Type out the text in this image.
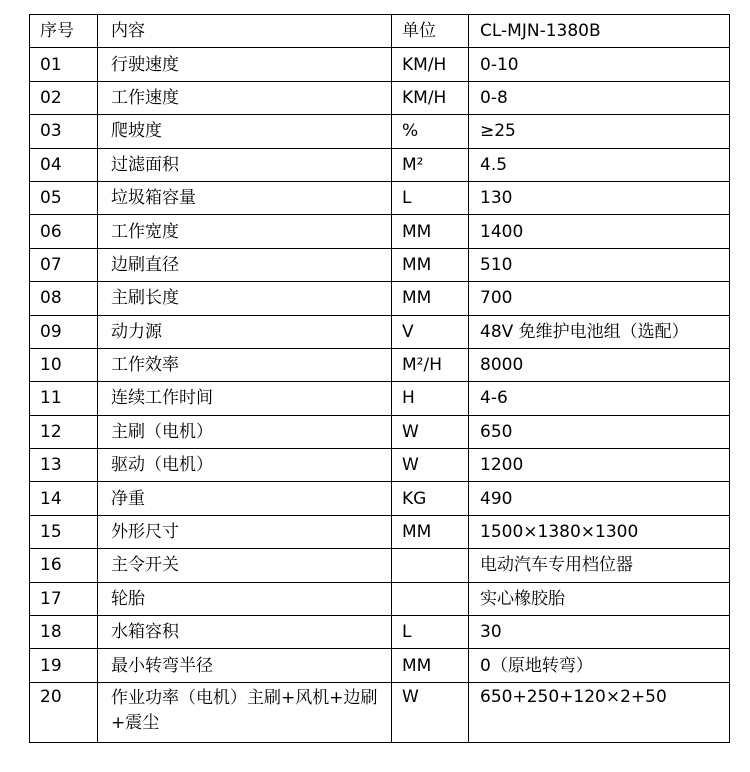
序号	内容	单位	CL-MJN-1380B
01	行驶速度	KM/H	0-10
02	工作速度	KM/H	0-8
03	爬坡度	%	≥25
04	过滤面积	M²	4.5
05	垃圾箱容量	L	130
06	工作宽度	MM	1400
07	边刷直径	MM	510
08	主刷长度	MM	700
09	动力源	V	48V 免维护电池组（选配）
10	工作效率	M²/H	8000
11	连续工作时间	H	4-6
12	主刷（电机）	W	650
13	驱动（电机）	W	1200
14	净重	KG	490
15	外形尺寸	MM	1500×1380×1300
16	主令开关		电动汽车专用档位器
17	轮胎		实心橡胶胎
18	水箱容积	L	30
19	最小转弯半径	MM	0（原地转弯）
20	作业功率（电机）主刷+风机+边刷+震尘	W	650+250+120×2+50
